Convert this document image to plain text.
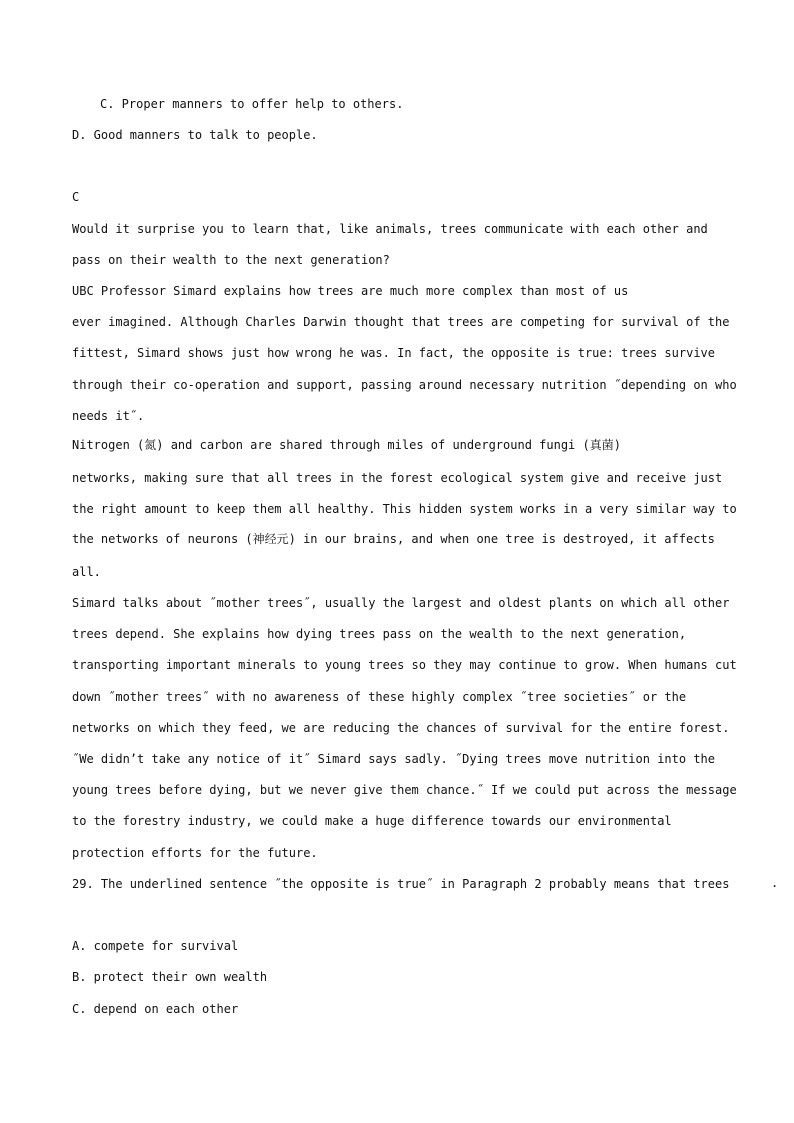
C. Proper manners to offer help to others.
D. Good manners to talk to people.
C
Would it surprise you to learn that, like animals, trees communicate with each other and
pass on their wealth to the next generation?
UBC Professor Simard explains how trees are much more complex than most of us
ever imagined. Although Charles Darwin thought that trees are competing for survival of the
fittest, Simard shows just how wrong he was. In fact, the opposite is true: trees survive
through their co-operation and support, passing around necessary nutrition ˝depending on who
needs it˝.
Nitrogen (氮) and carbon are shared through miles of underground fungi (真菌)
networks, making sure that all trees in the forest ecological system give and receive just
the right amount to keep them all healthy. This hidden system works in a very similar way to
the networks of neurons (神经元) in our brains, and when one tree is destroyed, it affects
all.
Simard talks about ˝mother trees˝, usually the largest and oldest plants on which all other
trees depend. She explains how dying trees pass on the wealth to the next generation,
transporting important minerals to young trees so they may continue to grow. When humans cut
down ˝mother trees˝ with no awareness of these highly complex ˝tree societies˝ or the
networks on which they feed, we are reducing the chances of survival for the entire forest.
˝We didn’t take any notice of it˝ Simard says sadly. ˝Dying trees move nutrition into the
young trees before dying, but we never give them chance.˝ If we could put across the message
to the forestry industry, we could make a huge difference towards our environmental
protection efforts for the future.
29. The underlined sentence ˝the opposite is true˝ in Paragraph 2 probably means that trees	.
A. compete for survival
B. protect their own wealth
C. depend on each other
